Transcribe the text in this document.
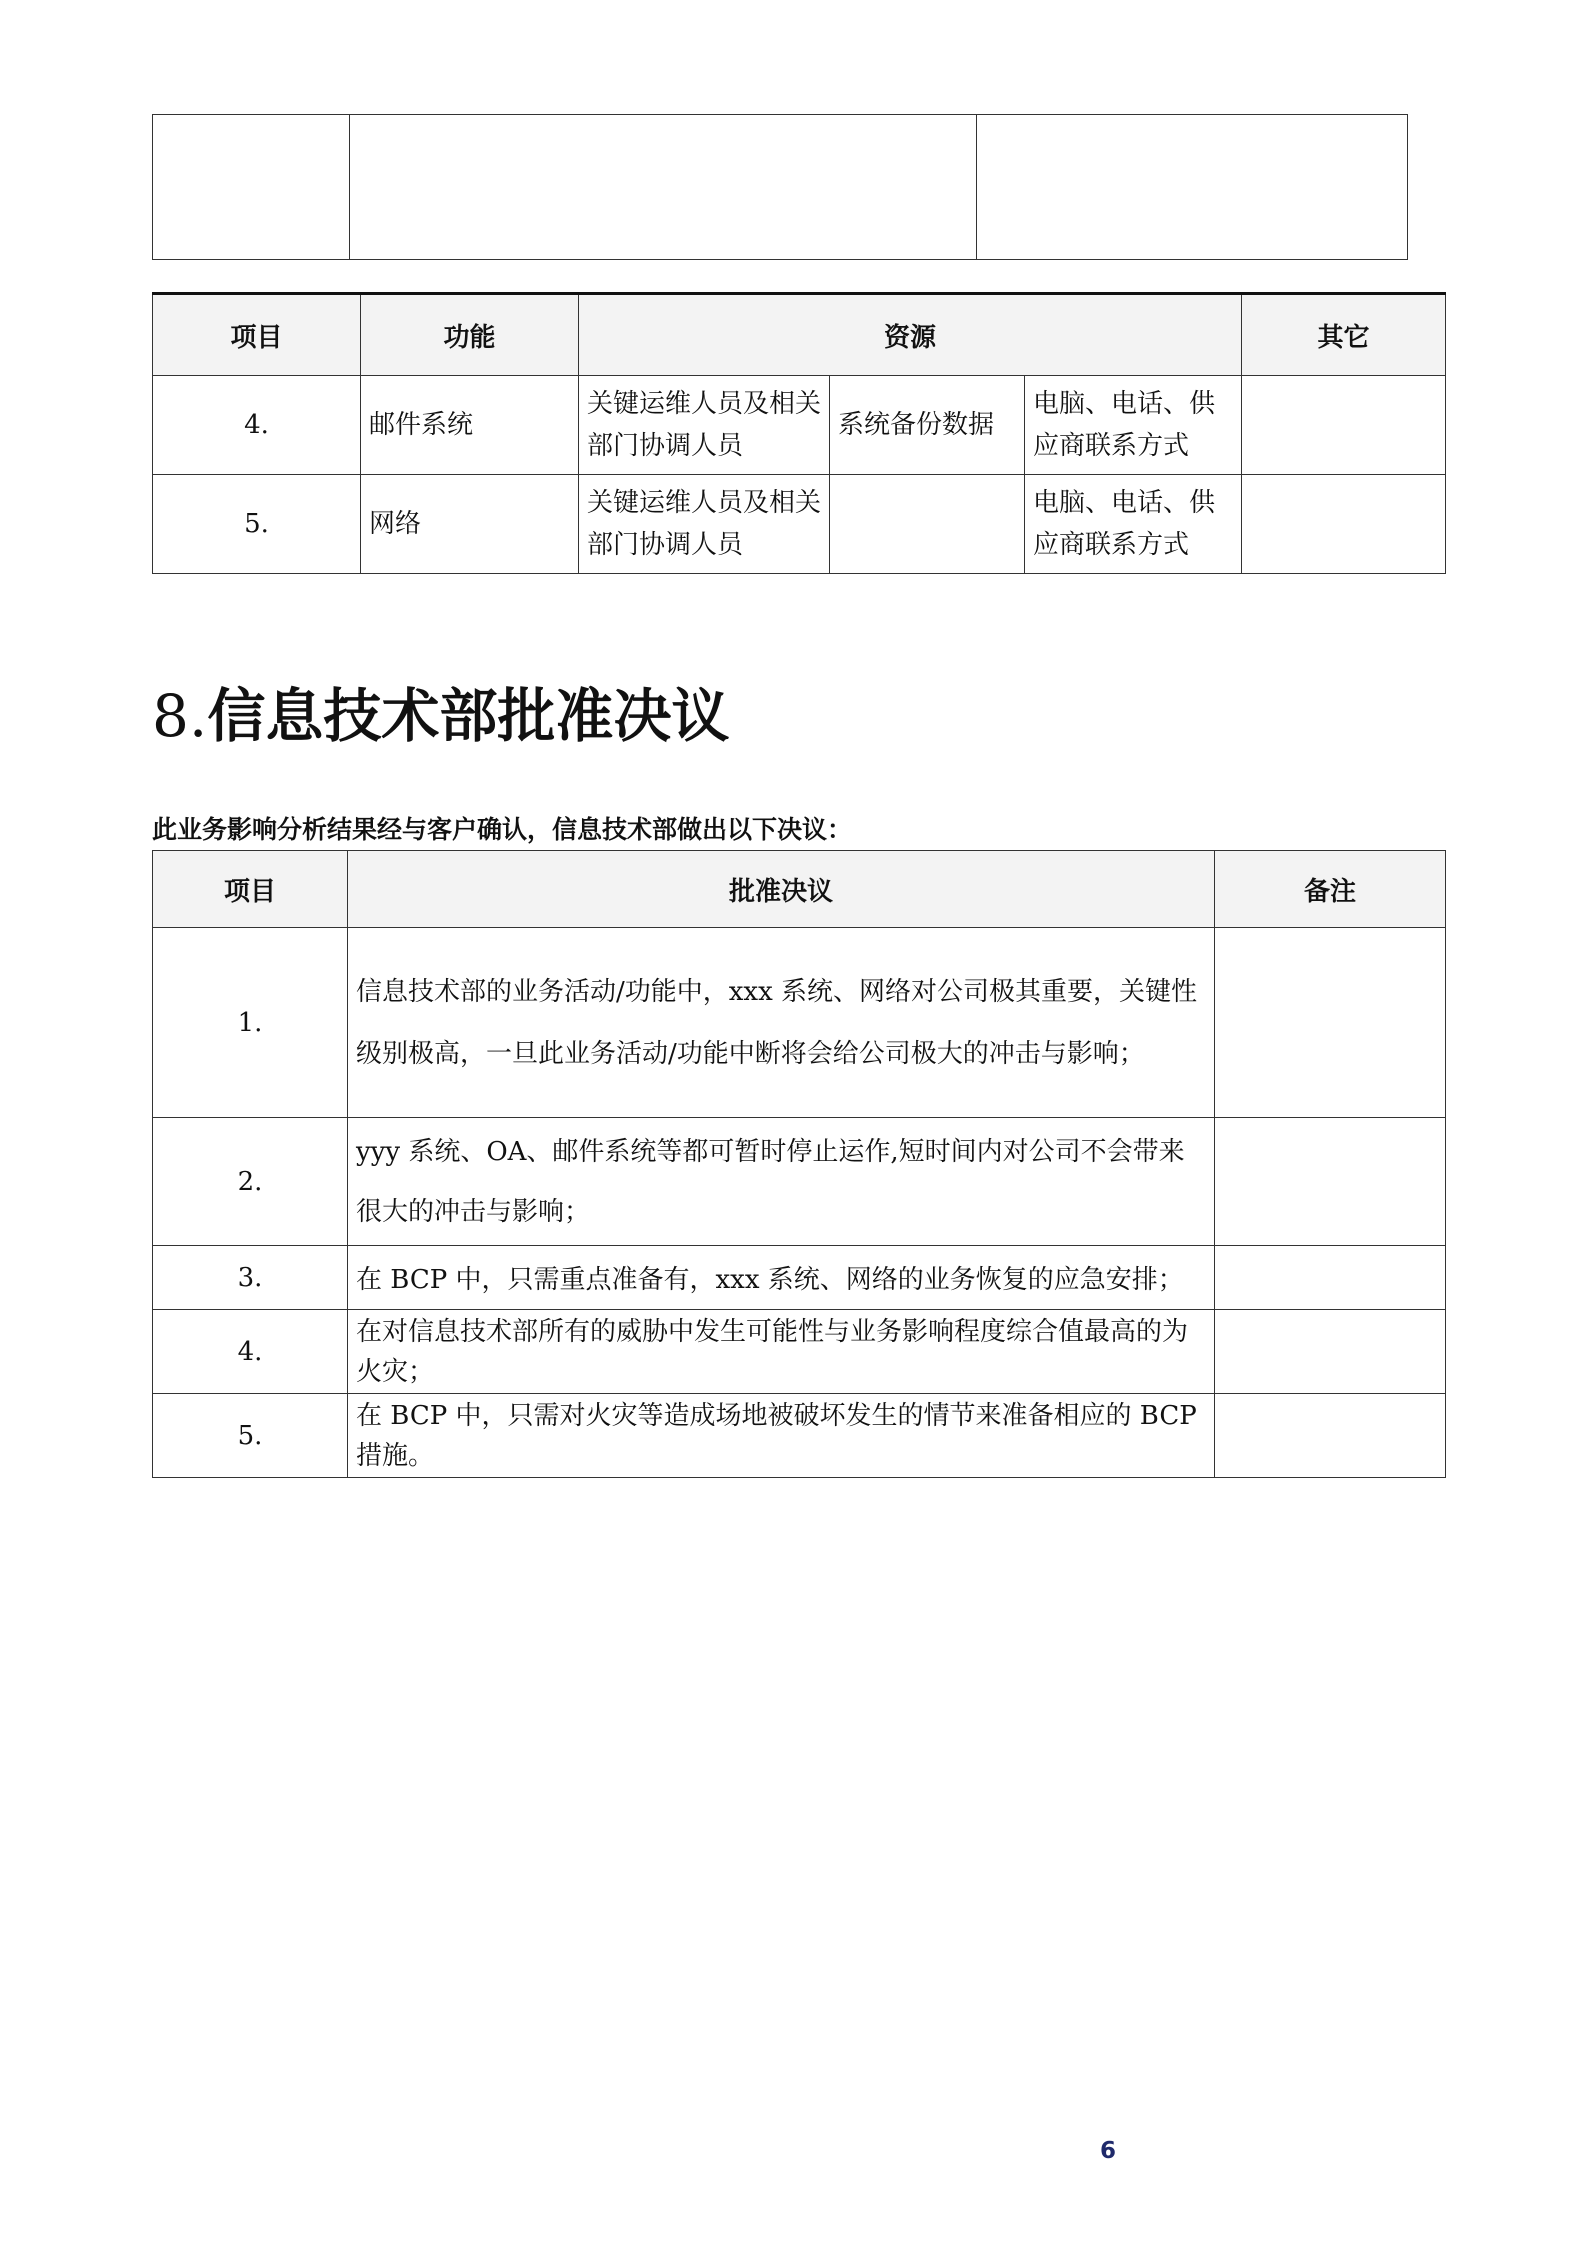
项目	功能	资源			其它
4.	邮件系统	关键运维人员及相关部门协调人员	系统备份数据	电脑、电话、供应商联系方式	
5.	网络	关键运维人员及相关部门协调人员		电脑、电话、供应商联系方式	
8.信息技术部批准决议

此业务影响分析结果经与客户确认，信息技术部做出以下决议：

项目	批准决议	备注
1.	信息技术部的业务活动/功能中，xxx 系统、网络对公司极其重要，关键性级别极高，一旦此业务活动/功能中断将会给公司极大的冲击与影响；	
2.	yyy 系统、OA、邮件系统等都可暂时停止运作,短时间内对公司不会带来很大的冲击与影响；	
3.	在 BCP 中，只需重点准备有，xxx 系统、网络的业务恢复的应急安排；	
4.	在对信息技术部所有的威胁中发生可能性与业务影响程度综合值最高的为火灾；	
5.	在 BCP 中，只需对火灾等造成场地被破坏发生的情节来准备相应的 BCP 措施。	

6
